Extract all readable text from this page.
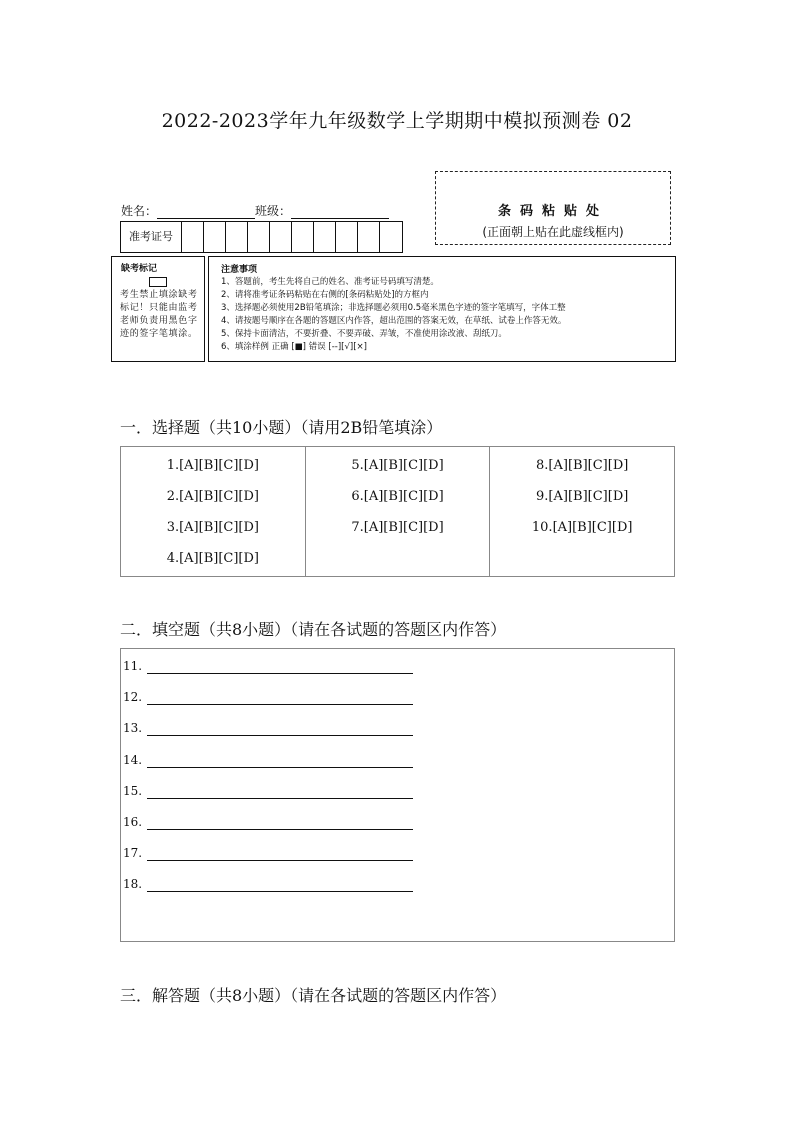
2022-2023学年九年级数学上学期期中模拟预测卷 02
姓名：	班级：
准考证号
条码粘贴处
(正面朝上贴在此虚线框内)
缺考标记
考生禁止填涂缺考标记！只能由监考老师负责用黑色字迹的签字笔填涂。
注意事项
1、答题前，考生先将自己的姓名、准考证号码填写清楚。
2、请将准考证条码粘贴在右侧的[条码粘贴处]的方框内
3、选择题必须使用2B铅笔填涂；非选择题必须用0.5毫米黑色字迹的签字笔填写，字体工整
4、请按题号顺序在各题的答题区内作答，超出范围的答案无效，在草纸、试卷上作答无效。
5、保持卡面清洁，不要折叠、不要弄破、弄皱，不准使用涂改液、刮纸刀。
6、填涂样例 正确 [■] 错误 [--][√][×]
一．选择题（共10小题）（请用2B铅笔填涂）
1.[A][B][C][D]
2.[A][B][C][D]
3.[A][B][C][D]
4.[A][B][C][D]
5.[A][B][C][D]
6.[A][B][C][D]
7.[A][B][C][D]
8.[A][B][C][D]
9.[A][B][C][D]
10.[A][B][C][D]
二．填空题（共8小题）（请在各试题的答题区内作答）
11.
12.
13.
14.
15.
16.
17.
18.
三．解答题（共8小题）（请在各试题的答题区内作答）
